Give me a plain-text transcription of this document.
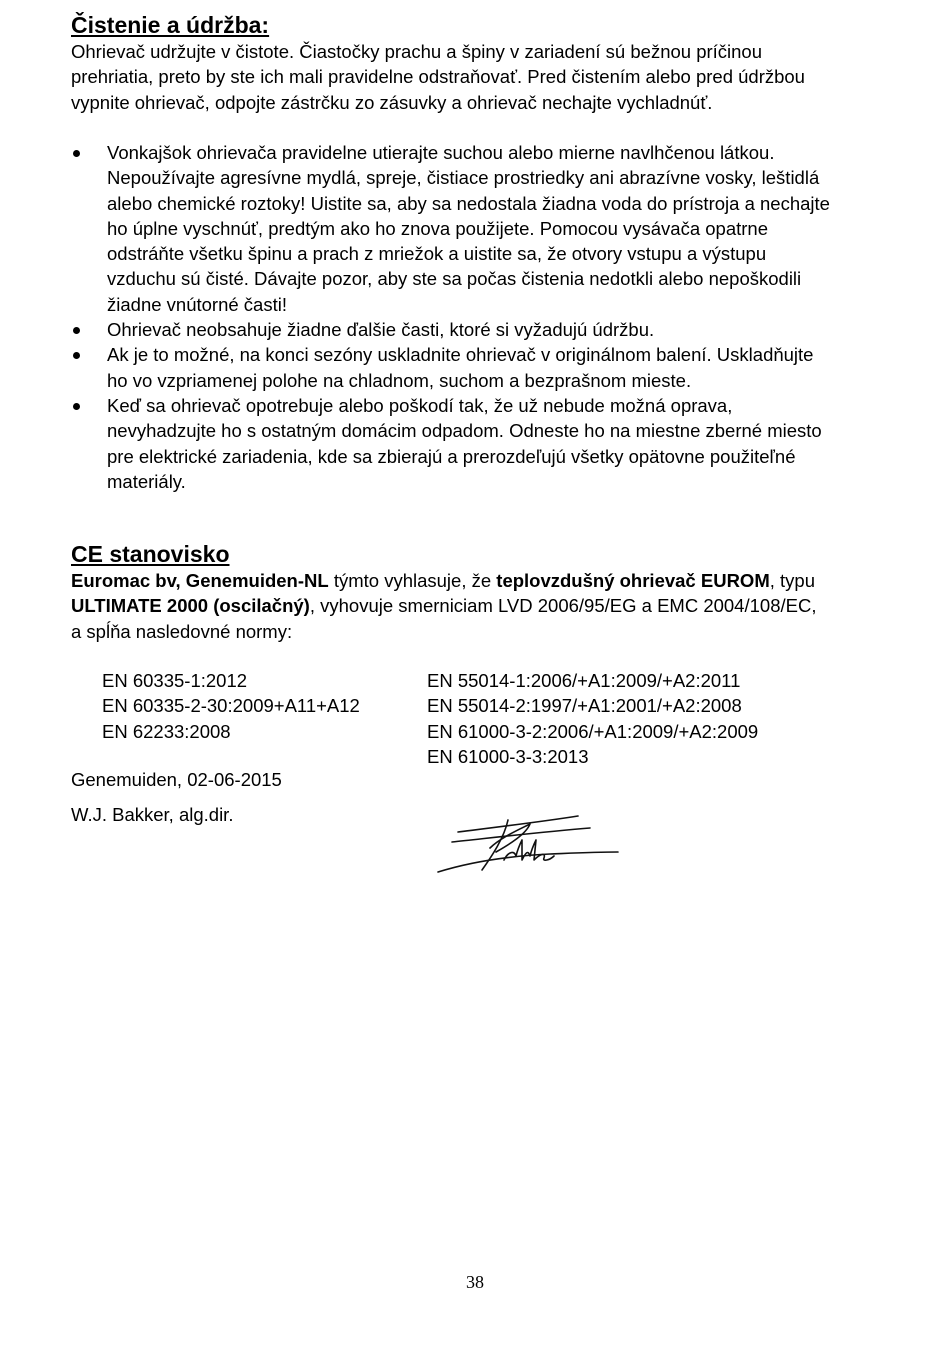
Čistenie a údržba:

Ohrievač udržujte v čistote. Čiastočky prachu a špiny v zariadení sú bežnou príčinou prehriatia, preto by ste ich mali pravidelne odstraňovať. Pred čistením alebo pred údržbou vypnite ohrievač, odpojte zástrčku zo zásuvky a ohrievač nechajte vychladnúť.

Vonkajšok ohrievača pravidelne utierajte suchou alebo mierne navlhčenou látkou. Nepoužívajte agresívne mydlá, spreje, čistiace prostriedky ani abrazívne vosky, leštidlá alebo chemické roztoky! Uistite sa, aby sa nedostala žiadna voda do prístroja a nechajte ho úplne vyschnúť, predtým ako ho znova použijete. Pomocou vysávača opatrne odstráňte všetku špinu a prach z mriežok a uistite sa, že otvory vstupu a výstupu vzduchu sú čisté. Dávajte pozor, aby ste sa počas čistenia nedotkli alebo nepoškodili žiadne vnútorné časti!
Ohrievač neobsahuje žiadne ďalšie časti, ktoré si vyžadujú údržbu.
Ak je to možné, na konci sezóny uskladnite ohrievač v originálnom balení. Uskladňujte ho vo vzpriamenej polohe na chladnom, suchom a bezprašnom mieste.
Keď sa ohrievač opotrebuje alebo poškodí tak, že už nebude možná oprava, nevyhadzujte ho s ostatným domácim odpadom. Odneste ho na miestne zberné miesto pre elektrické zariadenia, kde sa zbierajú a prerozdeľujú všetky opätovne použiteľné materiály.
CE stanovisko

Euromac bv, Genemuiden-NL týmto vyhlasuje, že teplovzdušný ohrievač EUROM, typu ULTIMATE 2000 (oscilačný), vyhovuje smerniciam LVD 2006/95/EG a EMC 2004/108/EC, a spĺňa nasledovné normy:

EN 60335-1:2012
EN 60335-2-30:2009+A11+A12
EN 62233:2008
EN 55014-1:2006/+A1:2009/+A2:2011
EN 55014-2:1997/+A1:2001/+A2:2008
EN 61000-3-2:2006/+A1:2009/+A2:2009
EN 61000-3-3:2013
Genemuiden, 02-06-2015
W.J. Bakker, alg.dir.
38
